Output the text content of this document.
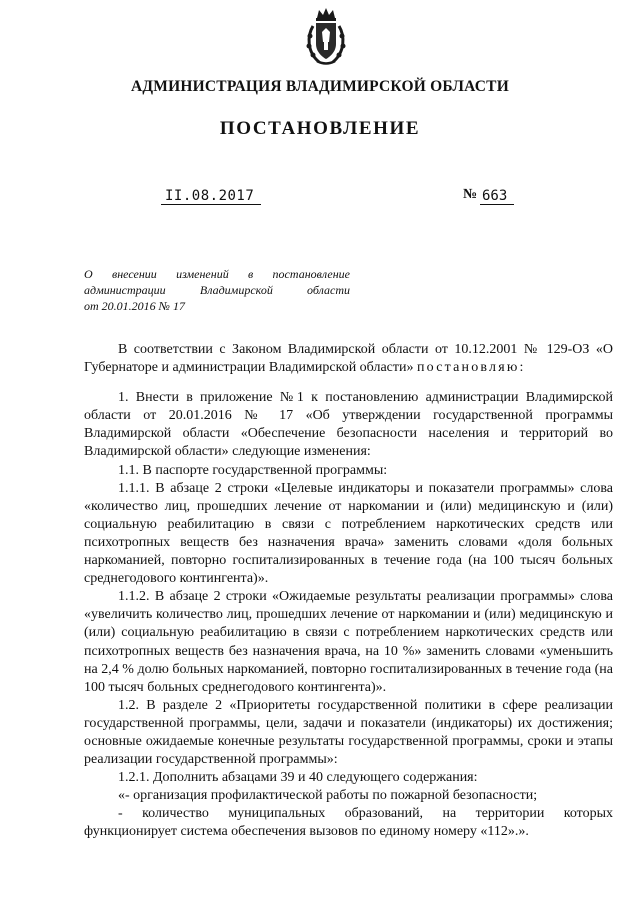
АДМИНИСТРАЦИЯ ВЛАДИМИРСКОЙ ОБЛАСТИ
ПОСТАНОВЛЕНИЕ
II.08.2017	№ 663
О внесении изменений в постановление
администрации Владимирской области
от 20.01.2016 № 17

В соответствии с Законом Владимирской области от 10.12.2001 № 129-ОЗ «О Губернаторе и администрации Владимирской области» постановляю:

1. Внести в приложение №1 к постановлению администрации Владимирской области от 20.01.2016 № 17 «Об утверждении государственной программы Владимирской области «Обеспечение безопасности населения и территорий во Владимирской области» следующие изменения:

1.1. В паспорте государственной программы:

1.1.1. В абзаце 2 строки «Целевые индикаторы и показатели программы» слова «количество лиц, прошедших лечение от наркомании и (или) медицинскую и (или) социальную реабилитацию в связи с потреблением наркотических средств или психотропных веществ без назначения врача» заменить словами «доля больных наркоманией, повторно госпитализированных в течение года (на 100 тысяч больных среднегодового контингента)».

1.1.2. В абзаце 2 строки «Ожидаемые результаты реализации программы» слова «увеличить количество лиц, прошедших лечение от наркомании и (или) медицинскую и (или) социальную реабилитацию в связи с потреблением наркотических средств или психотропных веществ без назначения врача, на 10 %» заменить словами «уменьшить на 2,4 % долю больных наркоманией, повторно госпитализированных в течение года (на 100 тысяч больных среднегодового контингента)».

1.2. В разделе 2 «Приоритеты государственной политики в сфере реализации государственной программы, цели, задачи и показатели (индикаторы) их достижения; основные ожидаемые конечные результаты государственной программы, сроки и этапы реализации государственной программы»:

1.2.1. Дополнить абзацами 39 и 40 следующего содержания:

«- организация профилактической работы по пожарной безопасности;

- количество муниципальных образований, на территории которых функционирует система обеспечения вызовов по единому номеру «112».».
